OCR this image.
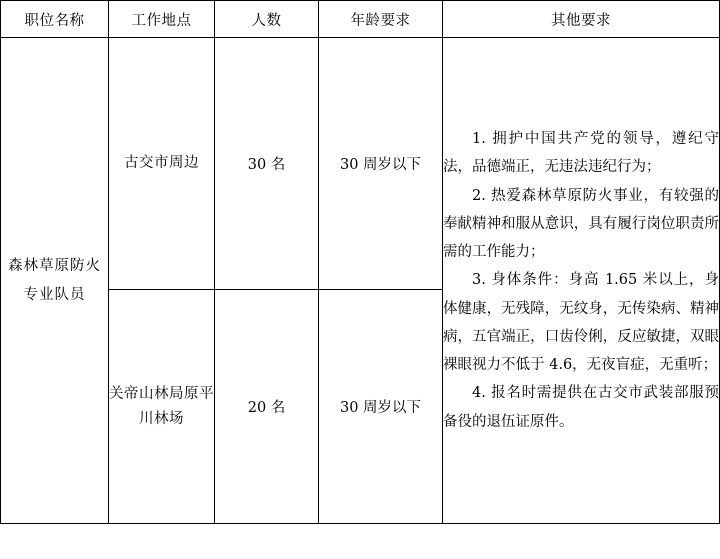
职位名称	工作地点	人数	年龄要求	其他要求
森林草原防火专业队员	古交市周边	30 名	30 周岁以下	1. 拥护中国共产党的领导，遵纪守法，品德端正，无违法违纪行为；

2. 热爱森林草原防火事业，有较强的奉献精神和服从意识，具有履行岗位职责所需的工作能力；

3. 身体条件：身高 1.65 米以上，身体健康，无残障，无纹身，无传染病、精神病，五官端正，口齿伶俐，反应敏捷，双眼裸眼视力不低于 4.6，无夜盲症，无重听；

4. 报名时需提供在古交市武装部服预备役的退伍证原件。

	关帝山林局原平川林场	20 名	30 周岁以下	
